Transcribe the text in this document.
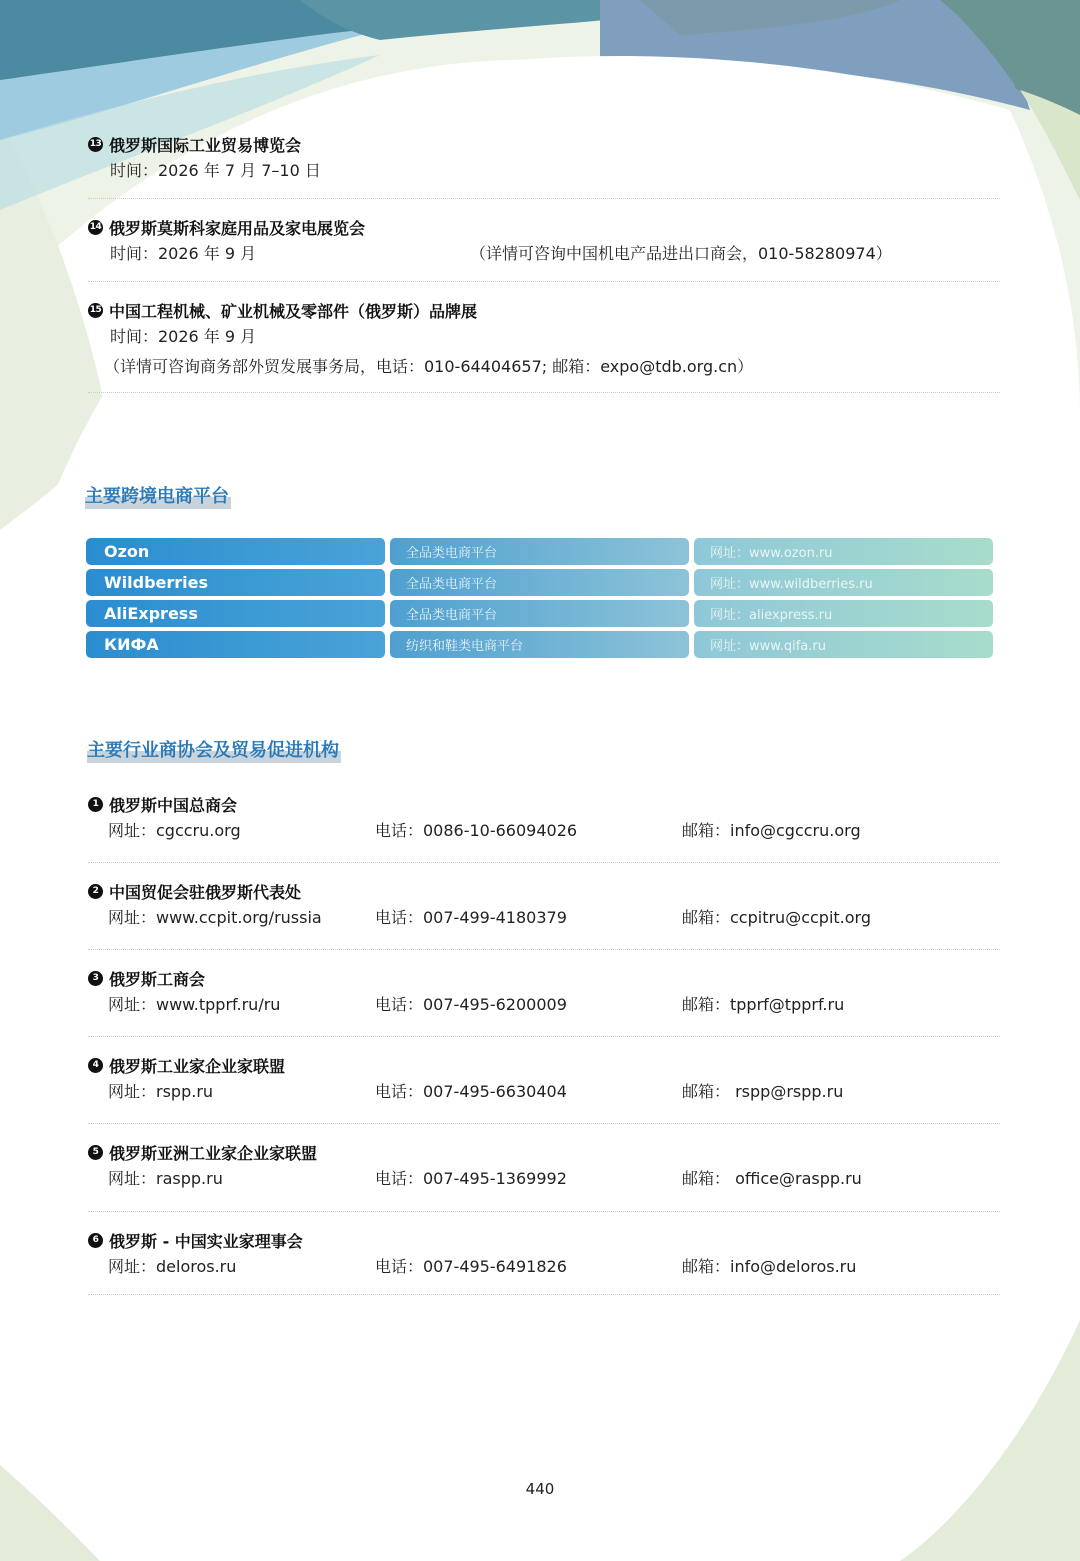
13 俄罗斯国际工业贸易博览会
时间：2026 年 7 月 7–10 日
14 俄罗斯莫斯科家庭用品及家电展览会
时间：2026 年 9 月	（详情可咨询中国机电产品进出口商会，010-58280974）
15 中国工程机械、矿业机械及零部件（俄罗斯）品牌展
时间：2026 年 9 月
（详情可咨询商务部外贸发展事务局，电话：010-64404657; 邮箱：expo@tdb.org.cn）
主要跨境电商平台
Ozon	全品类电商平台	网址：www.ozon.ru
Wildberries	全品类电商平台	网址：www.wildberries.ru
AliExpress	全品类电商平台	网址：aliexpress.ru
КИФА	纺织和鞋类电商平台	网址：www.qifa.ru
主要行业商协会及贸易促进机构
1 俄罗斯中国总商会
网址：cgccru.org	电话：0086-10-66094026	邮箱：info@cgccru.org
2 中国贸促会驻俄罗斯代表处
网址：www.ccpit.org/russia	电话：007-499-4180379	邮箱：ccpitru@ccpit.org
3 俄罗斯工商会
网址：www.tpprf.ru/ru	电话：007-495-6200009	邮箱：tpprf@tpprf.ru
4 俄罗斯工业家企业家联盟
网址：rspp.ru	电话：007-495-6630404	邮箱： rspp@rspp.ru
5 俄罗斯亚洲工业家企业家联盟
网址：raspp.ru	电话：007-495-1369992	邮箱： office@raspp.ru
6 俄罗斯 - 中国实业家理事会
网址：deloros.ru	电话：007-495-6491826	邮箱：info@deloros.ru
440
